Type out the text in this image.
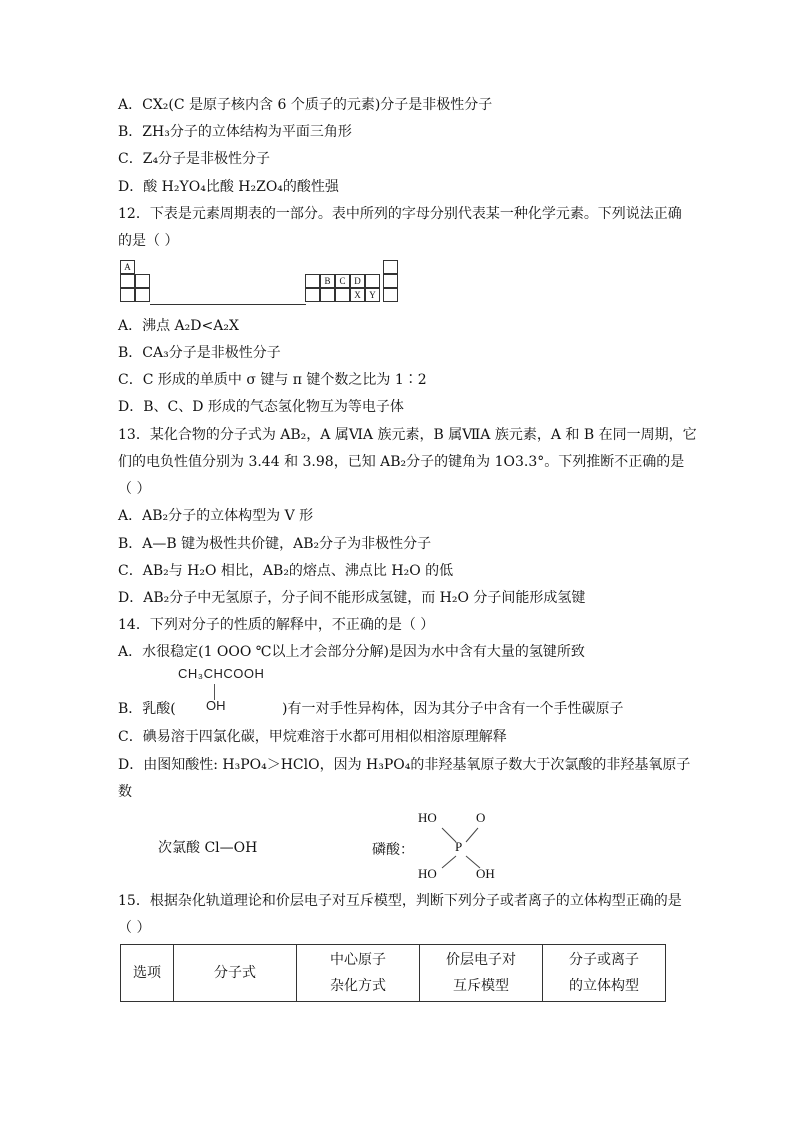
A．CX₂(C 是原子核内含 6 个质子的元素)分子是非极性分子
B．ZH₃分子的立体结构为平面三角形
C．Z₄分子是非极性分子
D．酸 H₂YO₄比酸 H₂ZO₄的酸性强
12．下表是元素周期表的一部分。表中所列的字母分别代表某一种化学元素。下列说法正确
的是（ ）
A
B C D
X Y
A．沸点 A₂D<A₂X
B．CA₃分子是非极性分子
C．C 形成的单质中 σ 键与 π 键个数之比为 1∶2
D．B、C、D 形成的气态氢化物互为等电子体
13．某化合物的分子式为 AB₂，A 属ⅥA 族元素，B 属ⅦA 族元素，A 和 B 在同一周期，它
们的电负性值分别为 3.44 和 3.98，已知 AB₂分子的键角为 1O3.3°。下列推断不正确的是
（ ）
A．AB₂分子的立体构型为 V 形
B．A—B 键为极性共价键，AB₂分子为非极性分子
C．AB₂与 H₂O 相比，AB₂的熔点、沸点比 H₂O 的低
D．AB₂分子中无氢原子，分子间不能形成氢键，而 H₂O 分子间能形成氢键
14．下列对分子的性质的解释中，不正确的是（ ）
A．水很稳定(1 OOO ℃以上才会部分分解)是因为水中含有大量的氢键所致
CH₃CHCOOH
OH
B．乳酸(	)有一对手性异构体，因为其分子中含有一个手性碳原子
C．碘易溶于四氯化碳，甲烷难溶于水都可用相似相溶原理解释
D．由图知酸性: H₃PO₄＞HClO，因为 H₃PO₄的非羟基氧原子数大于次氯酸的非羟基氧原子
数
次氯酸 Cl—OH	磷酸：
HO	O
P
HO	OH
15．根据杂化轨道理论和价层电子对互斥模型，判断下列分子或者离子的立体构型正确的是
（ ）
选项	分子式	
中心原子
杂化方式

价层电子对
互斥模型

分子或离子
的立体构型
